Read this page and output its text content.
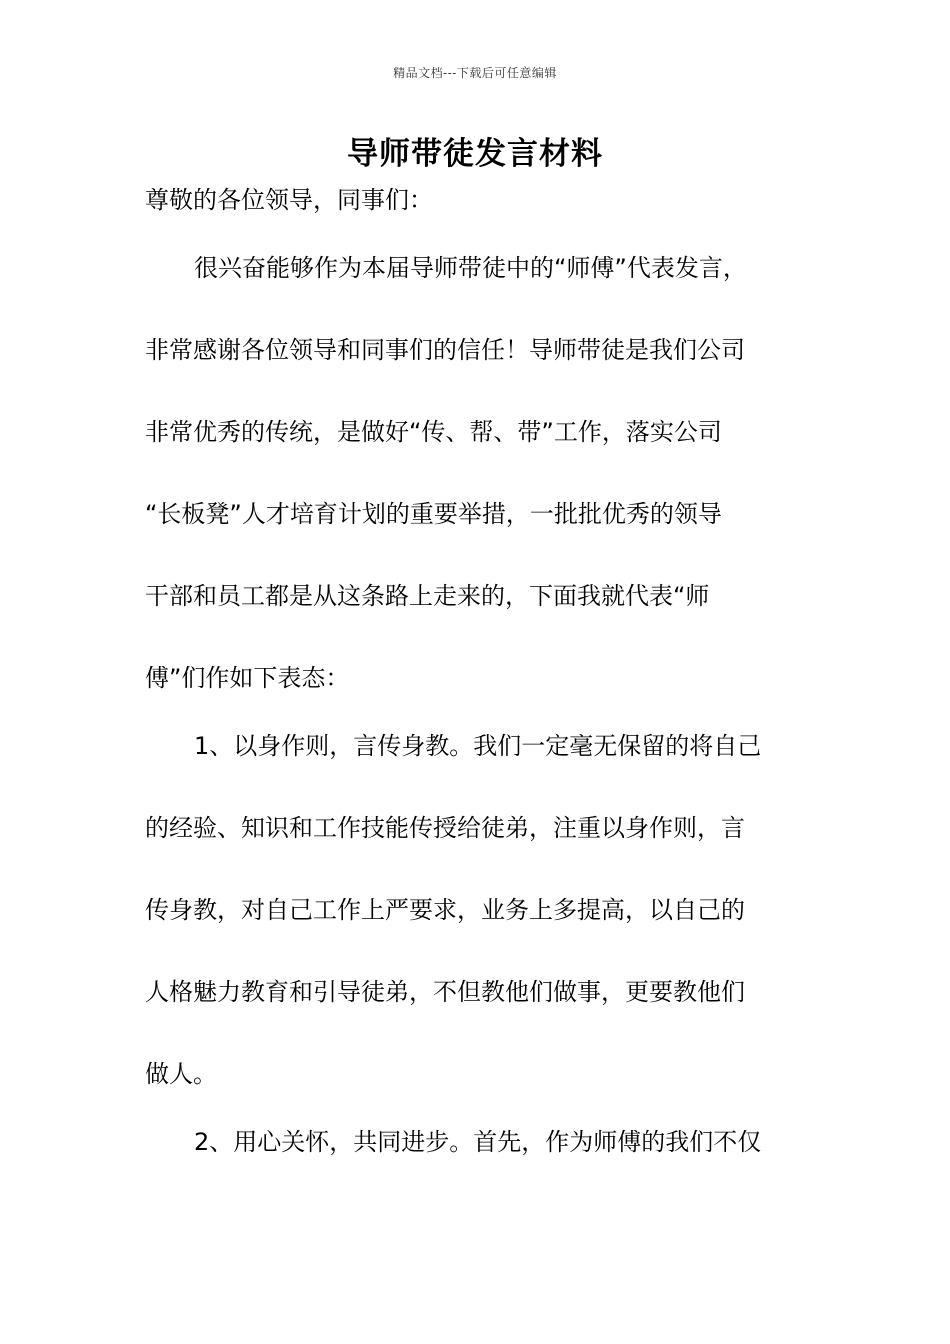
精品文档---下载后可任意编辑
导师带徒发言材料
尊敬的各位领导，同事们：
很兴奋能够作为本届导师带徒中的“师傅”代表发言，
非常感谢各位领导和同事们的信任！导师带徒是我们公司
非常优秀的传统，是做好“传、帮、带”工作，落实公司
“长板凳”人才培育计划的重要举措，一批批优秀的领导
干部和员工都是从这条路上走来的，下面我就代表“师
傅”们作如下表态：
1、以身作则，言传身教。我们一定毫无保留的将自己
的经验、知识和工作技能传授给徒弟，注重以身作则，言
传身教，对自己工作上严要求，业务上多提高，以自己的
人格魅力教育和引导徒弟，不但教他们做事，更要教他们
做人。
2、用心关怀，共同进步。首先，作为师傅的我们不仅
